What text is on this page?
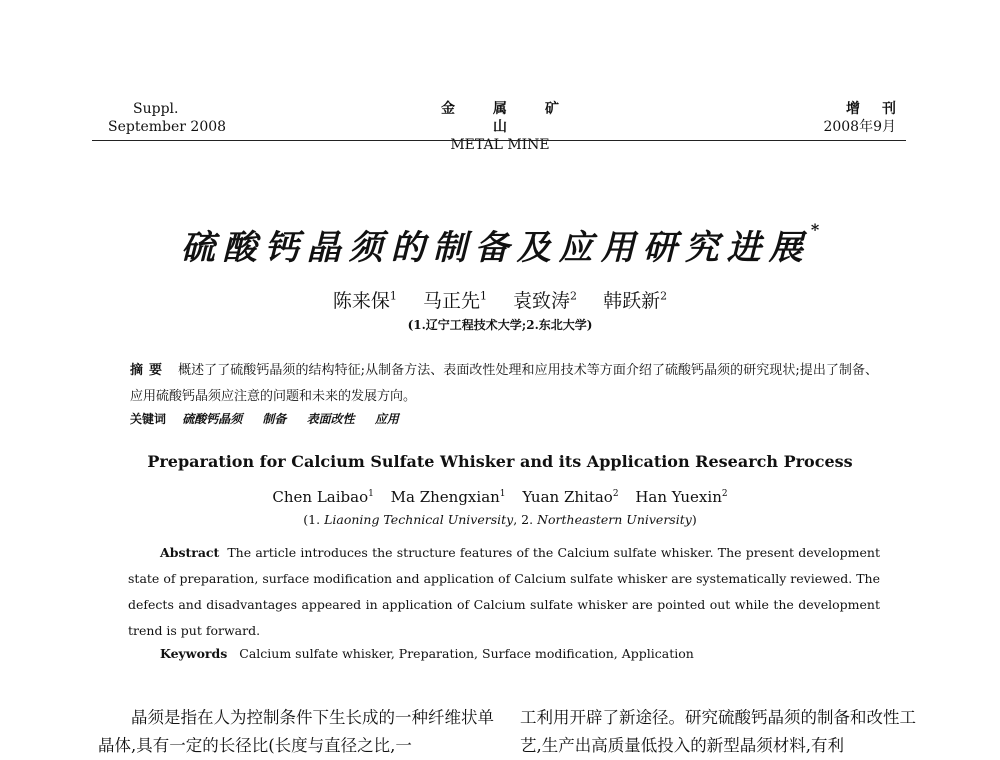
Suppl.
September 2008
金属矿山
METAL MINE
增刊
2008年9月
硫酸钙晶须的制备及应用研究进展*
陈来保$^1$ 马正先$^1$ 袁致涛$^2$ 韩跃新$^2$
(1.辽宁工程技术大学;2.东北大学)
摘要 概述了了硫酸钙晶须的结构特征;从制备方法、表面改性处理和应用技术等方面介绍了硫酸钙晶须的研究现状;提出了制备、应用硫酸钙晶须应注意的问题和未来的发展方向。
关键词 硫酸钙晶须 制备 表面改性 应用
Preparation for Calcium Sulfate Whisker and its Application Research Process
Chen Laibao$^1$ Ma Zhengxian$^1$ Yuan Zhitao$^2$ Han Yuexin$^2$
(1. Liaoning Technical University, 2. Northeastern University)

Abstract The article introduces the structure features of the Calcium sulfate whisker. The present development state of preparation, surface modification and application of Calcium sulfate whisker are systematically reviewed. The defects and disadvantages appeared in application of Calcium sulfate whisker are pointed out while the development trend is put forward.

Keywords Calcium sulfate whisker, Preparation, Surface modification, Application

晶须是指在人为控制条件下生长成的一种纤维状单晶体,具有一定的长径比(长度与直径之比,一

工利用开辟了新途径。研究硫酸钙晶须的制备和改性工艺,生产出高质量低投入的新型晶须材料,有利
